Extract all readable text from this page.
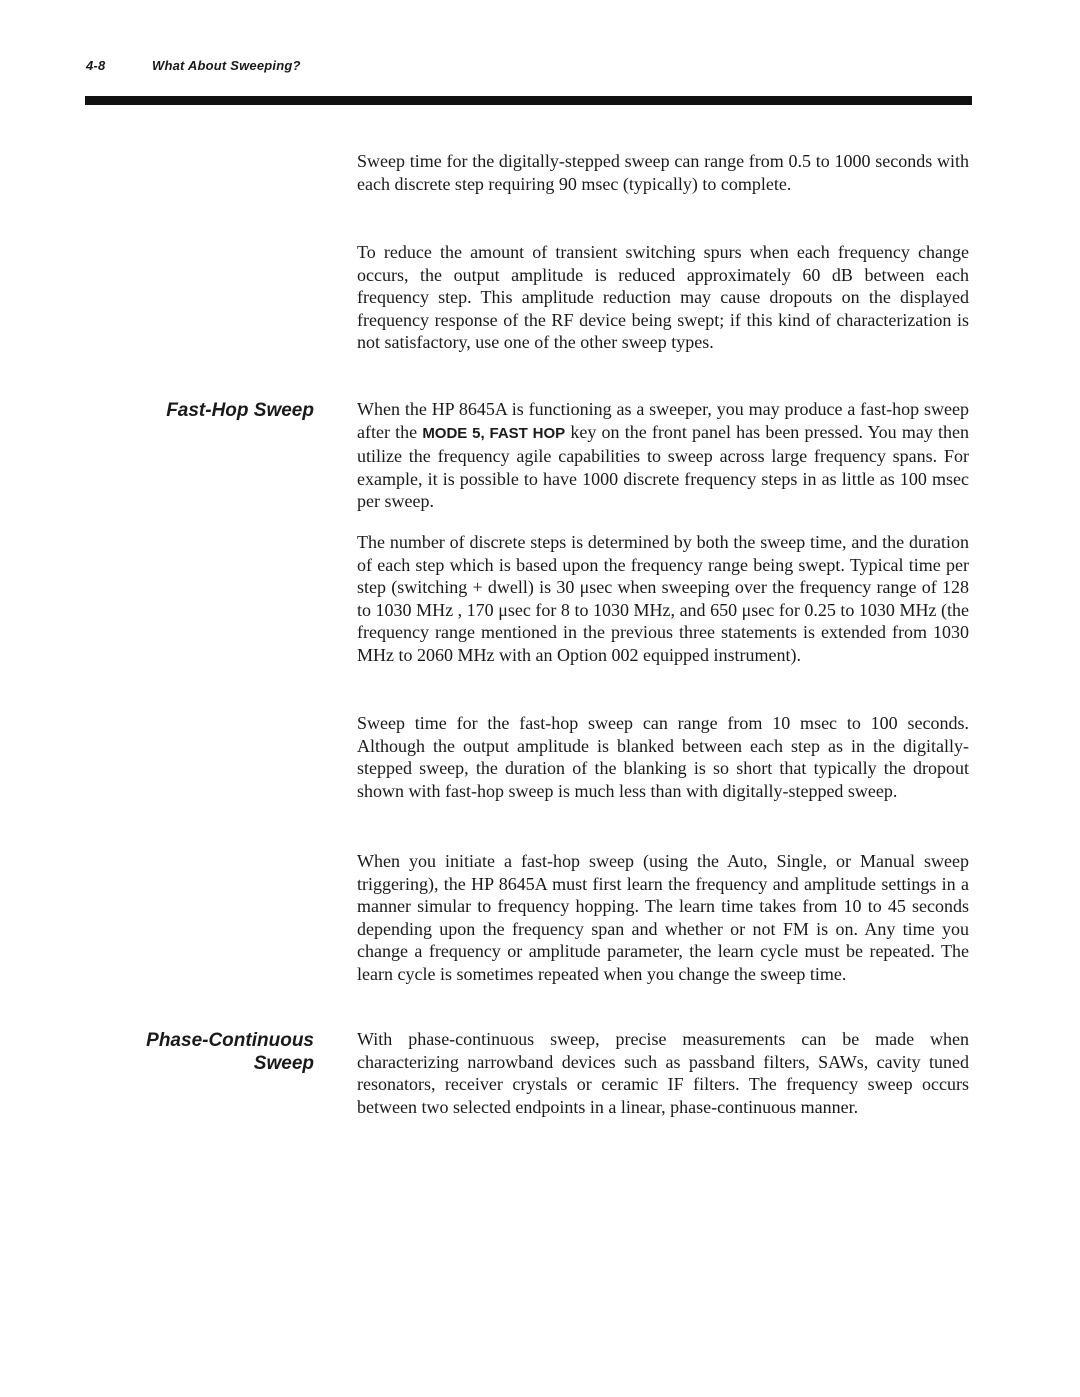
4-8	What About Sweeping?

Sweep time for the digitally-stepped sweep can range from 0.5 to 1000 seconds with each discrete step requiring 90 msec (typically) to complete.

To reduce the amount of transient switching spurs when each frequency change occurs, the output amplitude is reduced approximately 60 dB between each frequency step. This amplitude reduction may cause dropouts on the displayed frequency response of the RF device being swept; if this kind of characterization is not satisfactory, use one of the other sweep types.

Fast-Hop Sweep When the HP 8645A is functioning as a sweeper, you may produce a fast-hop sweep after the MODE 5, FAST HOP key on the front panel has been pressed. You may then utilize the frequency agile capabilities to sweep across large frequency spans. For example, it is possible to have 1000 discrete frequency steps in as little as 100 msec per sweep.

The number of discrete steps is determined by both the sweep time, and the duration of each step which is based upon the frequency range being swept. Typical time per step (switching + dwell) is 30 μsec when sweeping over the frequency range of 128 to 1030 MHz , 170 μsec for 8 to 1030 MHz, and 650 μsec for 0.25 to 1030 MHz (the frequency range mentioned in the previous three statements is extended from 1030 MHz to 2060 MHz with an Option 002 equipped instrument).

Sweep time for the fast-hop sweep can range from 10 msec to 100 seconds. Although the output amplitude is blanked between each step as in the digitally-stepped sweep, the duration of the blanking is so short that typically the dropout shown with fast-hop sweep is much less than with digitally-stepped sweep.

When you initiate a fast-hop sweep (using the Auto, Single, or Manual sweep triggering), the HP 8645A must first learn the frequency and amplitude settings in a manner simular to frequency hopping. The learn time takes from 10 to 45 seconds depending upon the frequency span and whether or not FM is on. Any time you change a frequency or amplitude parameter, the learn cycle must be repeated. The learn cycle is sometimes repeated when you change the sweep time.

Phase-Continuous
Sweep

With phase-continuous sweep, precise measurements can be made when characterizing narrowband devices such as passband filters, SAWs, cavity tuned resonators, receiver crystals or ceramic IF filters. The frequency sweep occurs between two selected endpoints in a linear, phase-continuous manner.
